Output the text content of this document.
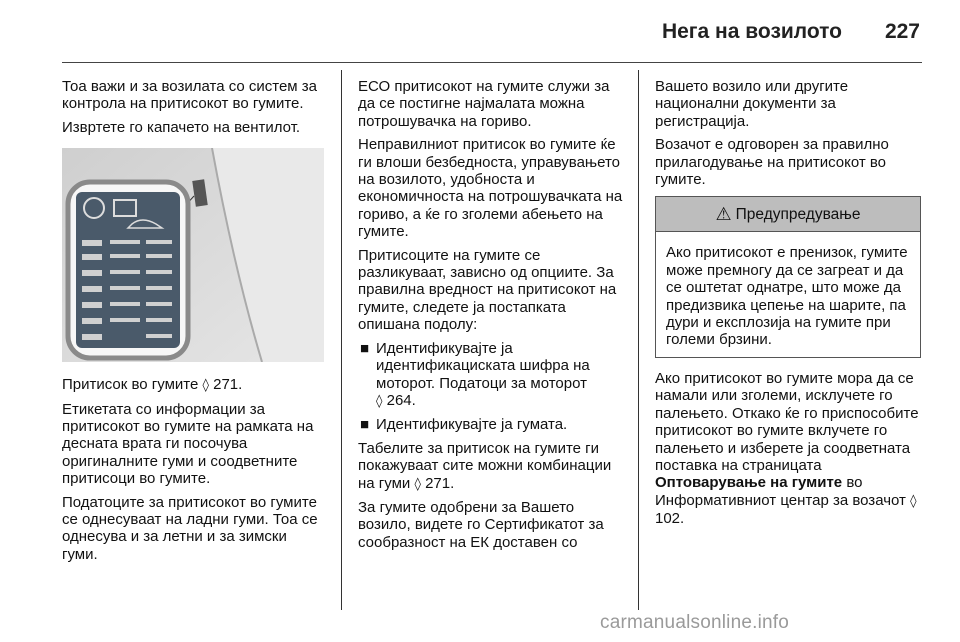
Нега на возилото 227

Тоа важи и за возилата со систем за контрола на притисокот во гумите.

Извртете го капачето на вентилот.

Притисок во гумите ◊ 271.

Етикетата со информации за притисокот во гумите на рамката на десната врата ги посочува оригиналните гуми и соодветните притисоци во гумите.

Податоците за притисокот во гумите се однесуваат на ладни гуми. Тоа се однесува и за летни и за зимски гуми.

ЕСО притисокот на гумите служи за да се постигне најмалата можна потрошувачка на гориво.

Неправилниот притисок во гумите ќе ги влоши безбедноста, управувањето на возилото, удобноста и економичноста на потрошувачката на гориво, а ќе го зголеми абењето на гумите.

Притисоците на гумите се разликуваат, зависно од опциите. За правилна вредност на притисокот на гумите, следете ја постапката опишана подолу:

■ Идентификувајте ја идентификациската шифра на моторот. Податоци за моторот
◊ 264.
■ Идентификувајте ја гумата.

Табелите за притисок на гумите ги покажуваат сите можни комбинации на гуми ◊ 271.

За гумите одобрени за Вашето возило, видете го Сертификатот за сообразност на ЕК доставен со

Вашето возило или другите национални документи за регистрација.

Возачот е одговорен за правилно прилагодување на притисокот во гумите.

⚠ Предупредување

Ако притисокот е пренизок, гумите може премногу да се загреат и да се оштетат однатре, што може да предизвика цепење на шарите, па дури и експлозија на гумите при големи брзини.

Ако притисокот во гумите мора да се намали или зголеми, исклучете го палењето. Откако ќе го приспособите притисокот во гумите вклучете го палењето и изберете ја соодветната поставка на страницата Оптоварување на гумите во Информативниот центар за возачот ◊ 102.

carmanualsonline.info
